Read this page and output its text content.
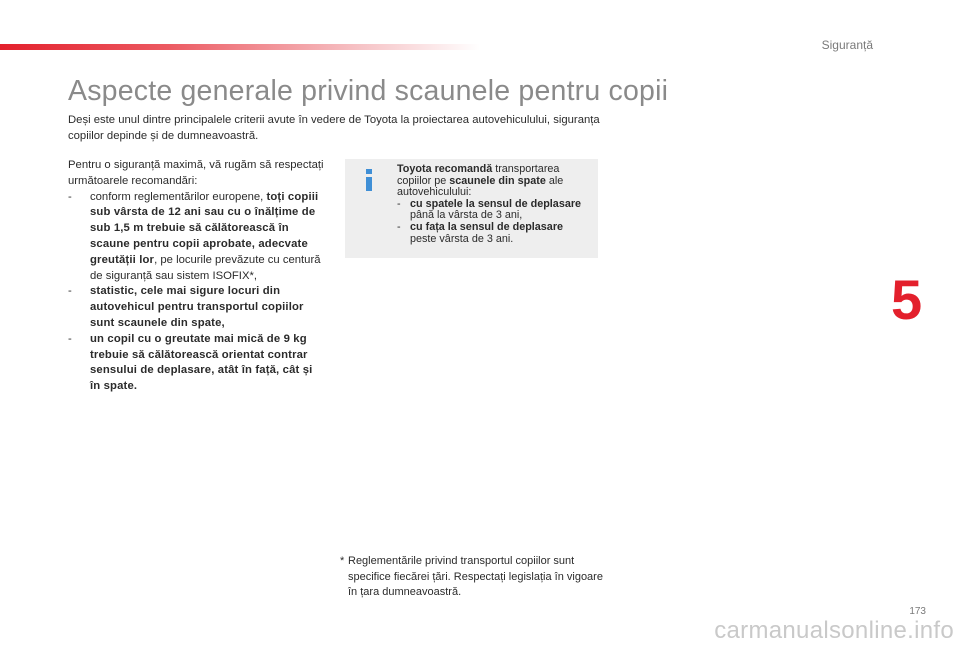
Siguranță
Aspecte generale privind scaunele pentru copii
Deși este unul dintre principalele criterii avute în vedere de Toyota la proiectarea autovehiculului, siguranța copiilor depinde și de dumneavoastră.

Pentru o siguranță maximă, vă rugăm să respectați următoarele recomandări:

- conform reglementărilor europene, toți copiii sub vârsta de 12 ani sau cu o înălțime de sub 1,5 m trebuie să călătorească în scaune pentru copii aprobate, adecvate greutății lor, pe locurile prevăzute cu centură de siguranță sau sistem ISOFIX*,
- statistic, cele mai sigure locuri din autovehicul pentru transportul copiilor sunt scaunele din spate,
- un copil cu o greutate mai mică de 9 kg trebuie să călătorească orientat contrar sensului de deplasare, atât în față, cât și în spate.

Toyota recomandă transportarea copiilor pe scaunele din spate ale autovehiculului:

- cu spatele la sensul de deplasare până la vârsta de 3 ani,
- cu fața la sensul de deplasare peste vârsta de 3 ani.
5
* Reglementările privind transportul copiilor sunt specifice fiecărei țări. Respectați legislația în vigoare în țara dumneavoastră.
173
carmanualsonline.info
